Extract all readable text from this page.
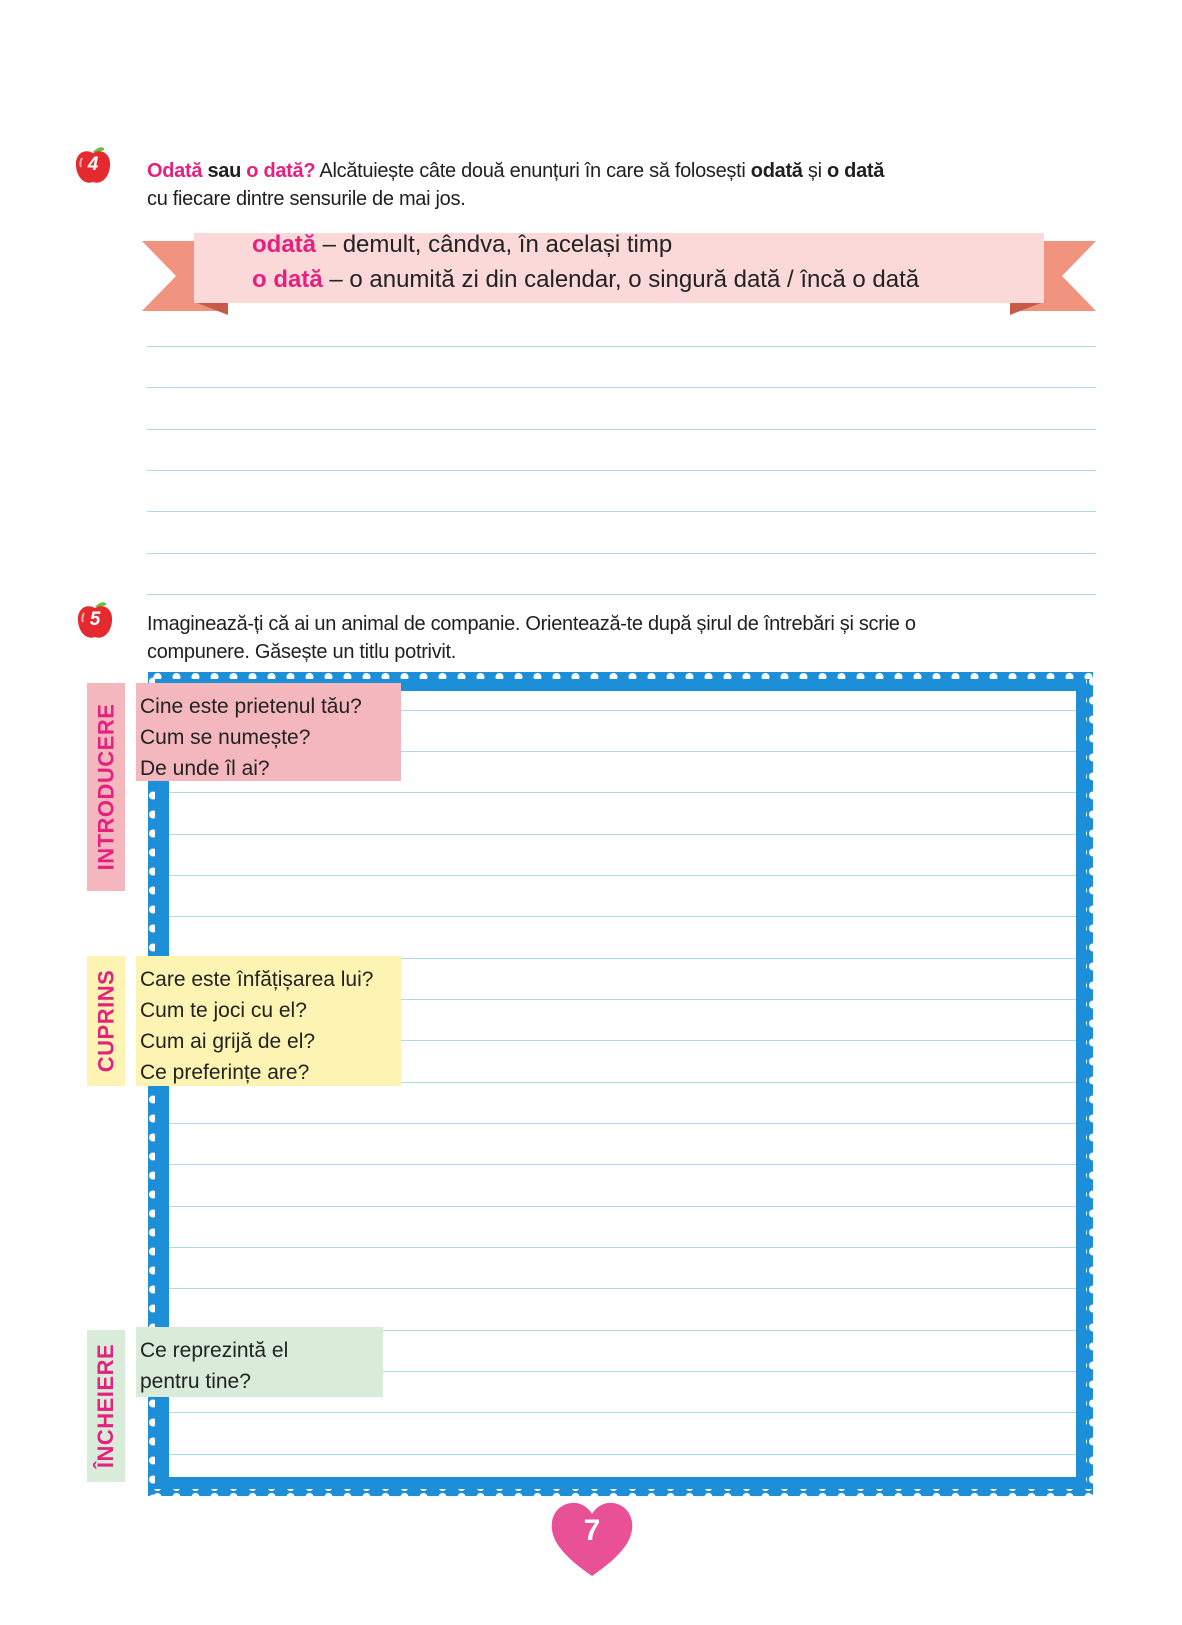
4	Odată sau o dată? Alcătuiește câte două enunțuri în care să folosești odată și o dată
cu fiecare dintre sensurile de mai jos.
odată – demult, cândva, în același timp
o dată – o anumită zi din calendar, o singură dată / încă o dată
5	Imaginează-ți că ai un animal de companie. Orientează-te după șirul de întrebări și scrie o
compunere. Găsește un titlu potrivit.
INTRODUCERE
CUPRINS
ÎNCHEIERE
Cine este prietenul tău?
Cum se numește?
De unde îl ai?
Care este înfățișarea lui?
Cum te joci cu el?
Cum ai grijă de el?
Ce preferințe are?
Ce reprezintă el
pentru tine?
7
